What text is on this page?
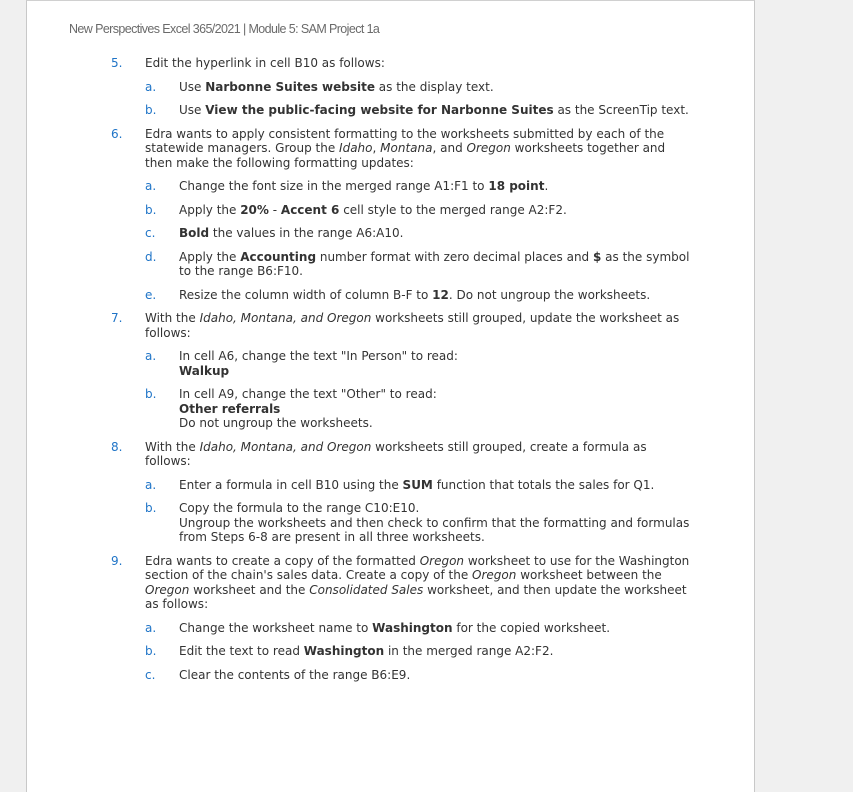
New Perspectives Excel 365/2021 | Module 5: SAM Project 1a
5. Edit the hyperlink in cell B10 as follows:
a. Use Narbonne Suites website as the display text.
b. Use View the public-facing website for Narbonne Suites as the ScreenTip text.
6. Edra wants to apply consistent formatting to the worksheets submitted by each of the statewide managers. Group the Idaho, Montana, and Oregon worksheets together and then make the following formatting updates:
a. Change the font size in the merged range A1:F1 to 18 point.
b. Apply the 20% - Accent 6 cell style to the merged range A2:F2.
c. Bold the values in the range A6:A10.
d. Apply the Accounting number format with zero decimal places and $ as the symbol to the range B6:F10.
e. Resize the column width of column B-F to 12. Do not ungroup the worksheets.
7. With the Idaho, Montana, and Oregon worksheets still grouped, update the worksheet as follows:
a. In cell A6, change the text "In Person" to read:
Walkup
b. In cell A9, change the text "Other" to read:
Other referrals
Do not ungroup the worksheets.
8. With the Idaho, Montana, and Oregon worksheets still grouped, create a formula as follows:
a. Enter a formula in cell B10 using the SUM function that totals the sales for Q1.
b. Copy the formula to the range C10:E10.
Ungroup the worksheets and then check to confirm that the formatting and formulas from Steps 6-8 are present in all three worksheets.
9. Edra wants to create a copy of the formatted Oregon worksheet to use for the Washington section of the chain's sales data. Create a copy of the Oregon worksheet between the Oregon worksheet and the Consolidated Sales worksheet, and then update the worksheet as follows:
a. Change the worksheet name to Washington for the copied worksheet.
b. Edit the text to read Washington in the merged range A2:F2.
c. Clear the contents of the range B6:E9.
